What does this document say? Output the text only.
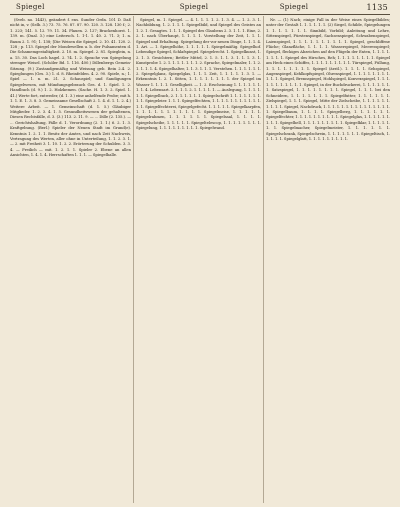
Spiegel	Spiegel	Spiegel	1135

(Sveb. no. 1443), geändert f. ens. Sunder Ordn. 101 D. Daß nicht in, v. (Selb. 3.) 73. 75. 76. 87. 87. 90. 120. 3. 128. 130 f.; 2. 1. 223; 141. 5. 12. 79. 11. 34. Plauen. 2. 127; Brackenhorst. 1. 139. m. (Dual. 3.) eine Leitersch. 1. 1-1. 1. 40. 2. 71. 3; 1. n. Baum 2. 1. 91; 1. 138; [Die Weisen die Spiegel. 2. 10. 41. 120. 2. 128 ; p. 113. Spiegel der Mondewellen u. b. der Pulsamenten d. Die Schamemgestaltigkeit. 2. 10. m. Spiegel. 2. 81. Spieglein, n. a. 15. 30. Das Loch hagel. 2. 74. 1. 2. Sprache von Spiegelung strenger Weisel. (Schöler Bd. 1. 116. 400.) Dillenbergs Gemein-Sitzung. (9.) Zustandgemäßig und Weisung geb. Bein 2.4. 2. Spieglungen (Ges. 3.) 1. d. 8. Rheinfelden. 4. 2. 90. Spiele, n.; 1. Spiel — 1. n. m. 21. 2. Schauspiel; und Sandigungen Spiegelwesen, mit Mündungsgebrauch Ges. d. 1. Spiel. 1. 2. Handbuch (d. 9.) 1. 2. Holzkemen. (Sache. H. 1. 3. 2. Spiel. 1. 41.) Werte fort, entweder, (d. 1. 3.) eine anhelfende Probe; mit h. 1. 1. E. 1. 3. 8. 3. Gemeinsame Gesellschaft 2. 1. 4. d. 1. 1. 2. 4.) Weitere Arbeit. — 1. Gemeinschaft (d. 1. 5.) Gläubiger Mitglieder. 1. 2. 3. 4. 1. 5. Gesundheitswesen der gehaltenen, Diesen Rechtsfälle, d. 3. (3.) 113. 2. 11. 9. — ... Dille (2. 135.). — ... Gerichtshaltung, Fälle d. 1. Verordnung (2. 1. 1.) 6. 2. 1. 3. Kraftgebung. (Berl.) Spieler der Neuen Stadt im Grund(e). Kenntnis 1. 2. 1. 1. Besitz der Amtes, und nach Zeit Nachweis, Vertragung des Werten, aller ohne in Unterteilung, 1. 1. 2. 3. 1. — 2. mit Freiheit 3. 1. 10. 1. 2. 2. Erörterung der Schulden. 3. 3. 4. — Freilich — mit. 1. 2. 1. 1. Spieler 2. Ebene an allen Ansichten, 1. 4. 1. 4. Herrschaften 1. 1. 1. — Spiegelhalle.

Spiegel, m. 1. Spiegel. — 4. 1. 1. 1. 1. 2. 1. 3. 4. — 1. 2. 3. 1. Nachbildung, 1. 2. 1. 1. 1. Spiegelbild, und Spiegel des Geistes an 1. 2. 1. Gesagtes. 1. 1. 1. Spiegel des Glaubens 2. 3. 1. 1. 1. Eine, 2. 2. 1. nach Überhaupt, 1. 1. 1. 1. Vorstellung der Zeit, 1. 1. 1. Spiegel und Erhaltung. Spiegelung der vor neuen Dinge, 1. 1. 1. 4. 1. Art. — 1. Spiegelhöhe, 1. 1. 1. 1. 1. Spiegelmäßig. Spiegelhof. Lebendige Spiegel, Schlafspiegel. Spiegelrecht. 1. Spiegelkunst, 1. 2. 1. 3. Gesichtern; Bettler Mittel, 2. 1. 5. 1. 1. 3. 1. 1. 1. 3. 1. Kunstprobe 1. 2. 1. 1. 1. 1. 1. 1. 1. 2. Sprache, Spiegelmaler, 1. 1. 2. 1. 1. 1. 1. 4. Spiegelhalter, 1. 1. 3. 1. 1. 1. Verstehen. 1. 1. 1. 1. 1. 1. 2. Spiegelglanz, Spiegelglas, 1. 1. 1. Zeit, 1. 1. 1. 1. 1. 3. 1. — Erkenntnis 1. 2. 1. Sitten, 1. 1. 1. 1. 1. 1. 1. 1. der Spiegel im Wasser 1. 1. 1. 1. Geselligkeit. — 1. 2. Erscheinung 1. 1. 1. 1. 1. 1. 1. 1. 4. Lebensart. 2. 1. 1. 1. 2. 1. 1. 1. 1. 1. — Auslegung, 1. 1. 1. 1. 1. 1. Spiegelbuch, 2. 1. 1. 1. 1. 1. 1. Spiegelschrift 1. 1. 1. 1. 1. 1. 1. 1. 1. Spiegeleier. 1. 1. 1. Spiegelfechten, 1. 1. 1. 1. 1. 1. 1. 1. 1. 1. 1. 1. 1. Spiegelfechterei, Spiegelgefecht. 1. 1. 1. 1. 1. Spiegelkarpfen, 1. 1. 1. 1. 1. 1. 1. 1. 1. 1. 1. Spiegelmeise, 1. 1. 1. 1. 1. Spiegelrahmen, 1. 1. 1. 1. 1. 1. Spiegelsaal, 1. 1. 1. 1. Spiegelscheibe, 1. 1. 1. 1. 1. Spiegeltelescop, 1. 1. 1. 1. 1. 1. 1. 1. Spiegelung, 1. 1. 1. 1. 1. 1. 1. 1. 1. Spiegelwand.

Nr. — (1) Nach; einige Fall in der Weise eines Spiegelbildes; unter der Gestalt 1. 1. 1. 1. 1. 1. (2) Siegel, Schilde, Spiegelungen 1. 1. 1. 1. 1. 1. 1. Sinnbild, Vorbild; Anleitung und Lehre, Sittenspiegel, Fürstenspiegel, Sachsenspiegel, Schwabenspiegel, Laienspiegel, 1. 1. 1. 1. 1. 1. 1. 1. 1. 1. Spiegel, geschliffene Fläche; Glanzfläche, 1. 1. 1. 1. Wasserspiegel, Meeresspiegel; Spiegel, fleckiges Abzeichen auf den Flügeln der Enten, 1. 1. 1. 1. 1. 1. 1. 1. Spiegel des Hirsches, Reh; 1. 1. 1. 1. 1. 1. 1. 1. Spiegel am Heck eines Schiffes, 1. 1. 1. 1. 1. 1. 1. 1. 1. Türspiegel, Füllung, 1. 1. 1. 1. 1. 1. 1. 1. Spiegel (ärztl.). 1. 1. 1. 1. Sehspiegel, Augenspiegel, Kehlkopfspiegel, Ohrenspiegel, 1. 1. 1. 1. 1. 1. 1. 1. 1. 1. 1. Spiegel, Brennspiegel, Hohlspiegel, Konvexspiegel, 1. 1. 1. 1. 1. 1. 1. 1. 1. 1. 1. Spiegel, in der Buchdruckerei, 1. 1. 1. 1. 1. 1. 1. Satzspiegel, 1. 1. 1. 1. 1. 1. 1. 1. Spiegel, 1. 1. 1. bei den Schneidern, 1. 1. 1. 1. 1. 1. 1. Spiegelfutter, 1. 1. 1. 1. 1. 1. Zielspiegel, 1. 1. 1. Spiegel, Mitte der Zielscheibe, 1. 1. 1. 1. 1. 1. 1. 1. 1. 1. Spiegel, Nachdruck, 1. 1. 1. 1. 1. 1. 1. 1. 1. 1. 1. 1. 1. 1. 1. 1. Spiegelbaum, 1. 1. 1. 1. Spiegelberg, 1. 1. 1. 1. 1. 1. Spiegelfechter, 1. 1. 1. 1. 1. 1. 1. 1. 1. 1. Spiegelglas, 1. 1. 1. 1. 1. 1. 1. 1. 1. Spiegelhell, 1. 1. 1. 1. 1. 1. 1. 1. 1. Spiegelklar, 1. 1. 1. 1. 1. 1. 1. Spiegelmacher, Spiegelmeister, 1. 1. 1. 1. 1. 1. Spiegelschrank, Spiegelschrein, 1. 1. 1. 1. 1. 1. 1. Spiegeltisch, 1. 1. 1. 1. 1. Spiegelglatt, 1. 1. 1. 1. 1. 1. 1. 1. 1.
